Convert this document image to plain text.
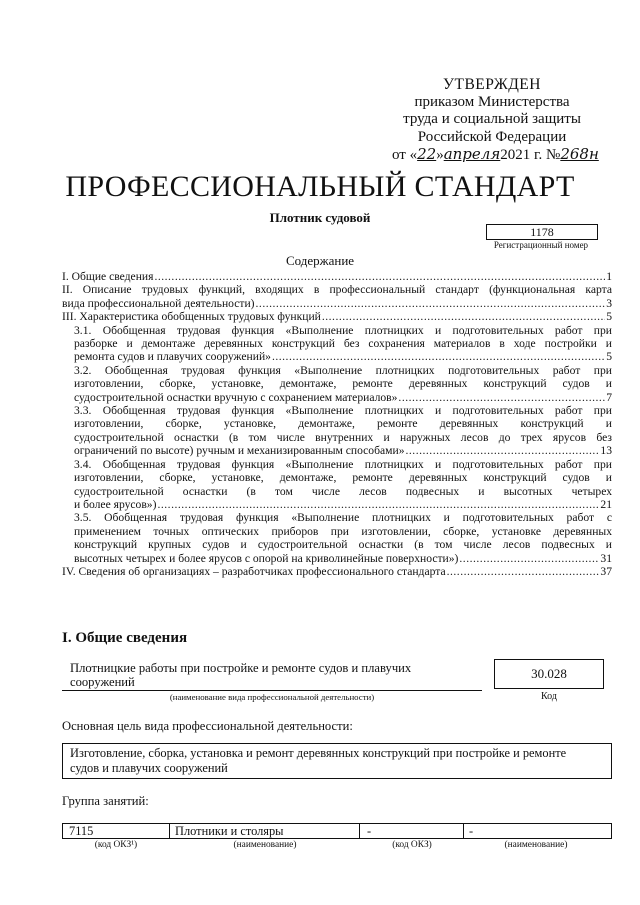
УТВЕРЖДЕН
приказом Министерства
труда и социальной защиты
Российской Федерации
от «22»апреля2021 г. №268н
ПРОФЕССИОНАЛЬНЫЙ СТАНДАРТ
Плотник судовой
1178
Регистрационный номер
Содержание
I. Общие сведения .....	1
II. Описание трудовых функций, входящих в профессиональный стандарт (функциональная карта
вида профессиональной деятельности) .....	3
III. Характеристика обобщенных трудовых функций .....	5
3.1. Обобщенная трудовая функция «Выполнение плотницких и подготовительных работ при
разборке и демонтаже деревянных конструкций без сохранения материалов в ходе постройки и
ремонта судов и плавучих сооружений» .....	5
3.2. Обобщенная трудовая функция «Выполнение плотницких подготовительных работ при
изготовлении, сборке, установке, демонтаже, ремонте деревянных конструкций судов и
судостроительной оснастки вручную с сохранением материалов» .....	7
3.3. Обобщенная трудовая функция «Выполнение плотницких и подготовительных работ при
изготовлении, сборке, установке, демонтаже, ремонте деревянных конструкций и
судостроительной оснастки (в том числе внутренних и наружных лесов до трех ярусов без
ограничений по высоте) ручным и механизированным способами» .....	13
3.4. Обобщенная трудовая функция «Выполнение плотницких и подготовительных работ при
изготовлении, сборке, установке, демонтаже, ремонте деревянных конструкций судов и
судостроительной оснастки (в том числе лесов подвесных и высотных четырех
и более ярусов») .....	21
3.5. Обобщенная трудовая функция «Выполнение плотницких и подготовительных работ с
применением точных оптических приборов при изготовлении, сборке, установке деревянных
конструкций крупных судов и судостроительной оснастки (в том числе лесов подвесных и
высотных четырех и более ярусов с опорой на криволинейные поверхности») .....	31
IV. Сведения об организациях – разработчиках профессионального стандарта .....	37
I. Общие сведения
Плотницкие работы при постройке и ремонте судов и плавучих
сооружений
(наименование вида профессиональной деятельности)
30.028
Код
Основная цель вида профессиональной деятельности:
Изготовление, сборка, установка и ремонт деревянных конструкций при постройке и ремонте
судов и плавучих сооружений
Группа занятий:
7115	Плотники и столяры	-	-
(код ОКЗ¹)	(наименование)	(код ОКЗ)	(наименование)
